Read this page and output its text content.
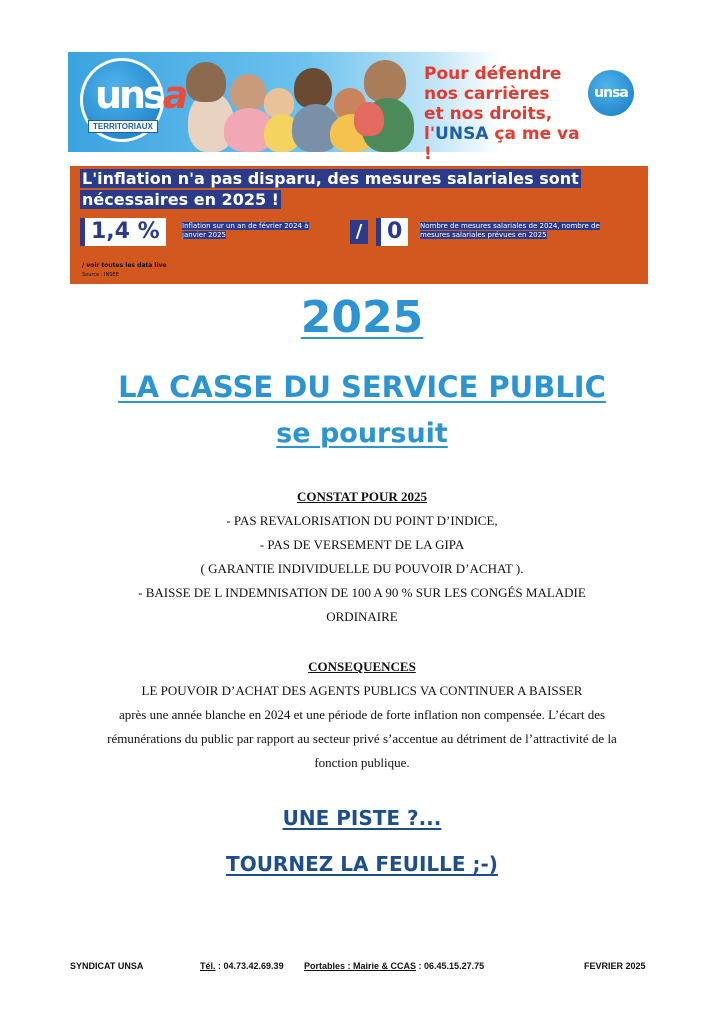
unsa
TERRITORIAUX
Pour défendre
nos carrières
et nos droits,
l'UNSA ça me va !
unsa
L'inflation n'a pas disparu, des mesures salariales sont
nécessaires en 2025 !
1,4 %	Inflation sur un an de février 2024 à
janvier 2025	/	0	Nombre de mesures salariales de 2024, nombre de
mesures salariales prévues en 2025
/ voir toutes les data live
Source : INSEE
2025
LA CASSE DU SERVICE PUBLIC
se poursuit
CONSTAT POUR 2025
- PAS REVALORISATION DU POINT D’INDICE,
- PAS DE VERSEMENT DE LA GIPA
( GARANTIE INDIVIDUELLE DU POUVOIR D’ACHAT ).
- BAISSE DE L INDEMNISATION DE 100 A 90 % SUR LES CONGÉS MALADIE
ORDINAIRE
CONSEQUENCES
LE POUVOIR D’ACHAT DES AGENTS PUBLICS VA CONTINUER A BAISSER
après une année blanche en 2024 et une période de forte inflation non compensée. L’écart des
rémunérations du public par rapport au secteur privé s’accentue au détriment de l’attractivité de la
fonction publique.
UNE PISTE ?...
TOURNEZ LA FEUILLE ;-)
SYNDICAT UNSA	Tél. : 04.73.42.69.39 Portables : Mairie & CCAS : 06.45.15.27.75	FEVRIER 2025
